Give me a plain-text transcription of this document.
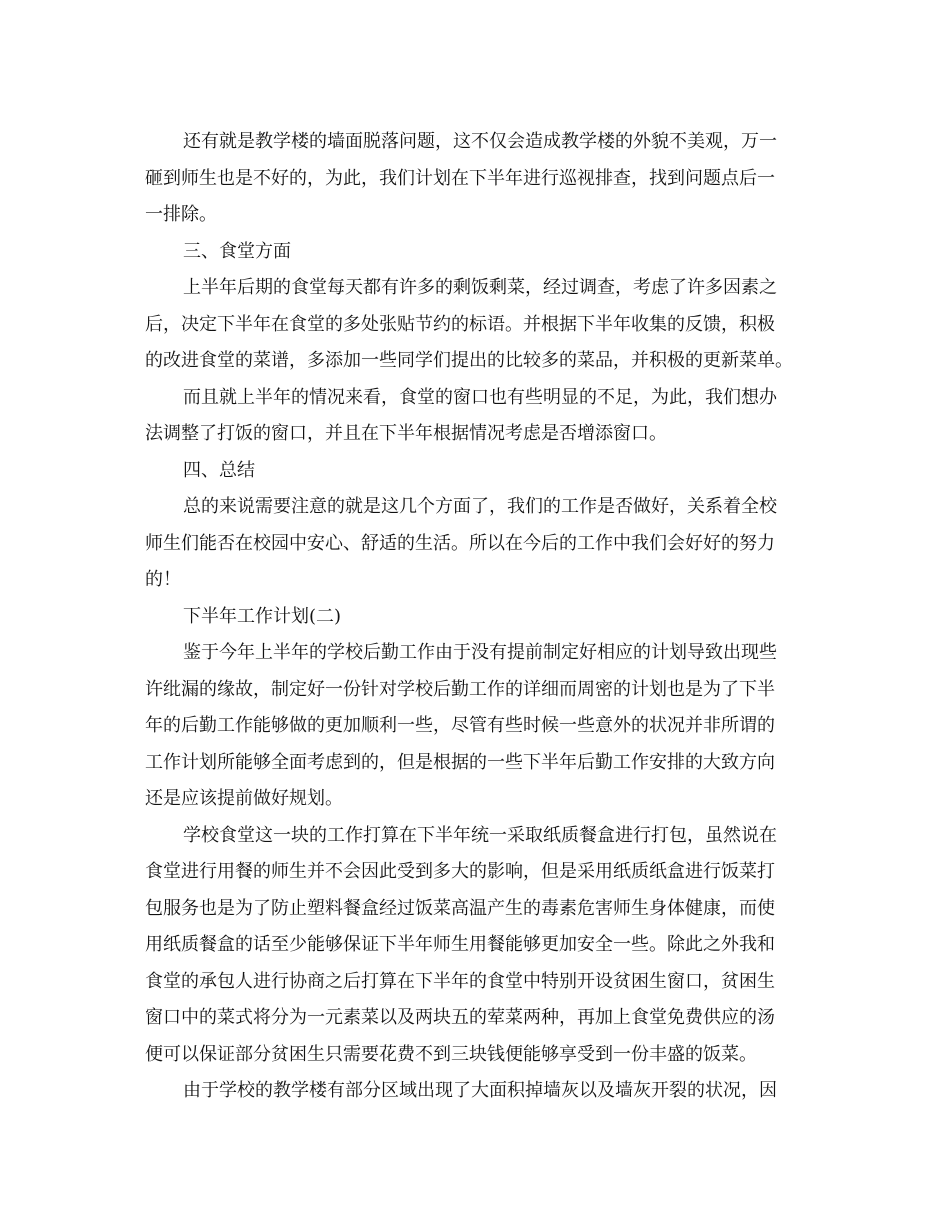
还有就是教学楼的墙面脱落问题，这不仅会造成教学楼的外貌不美观，万一
砸到师生也是不好的，为此，我们计划在下半年进行巡视排查，找到问题点后一
一排除。
三、食堂方面
上半年后期的食堂每天都有许多的剩饭剩菜，经过调查，考虑了许多因素之
后，决定下半年在食堂的多处张贴节约的标语。并根据下半年收集的反馈，积极
的改进食堂的菜谱，多添加一些同学们提出的比较多的菜品，并积极的更新菜单。
而且就上半年的情况来看，食堂的窗口也有些明显的不足，为此，我们想办
法调整了打饭的窗口，并且在下半年根据情况考虑是否增添窗口。
四、总结
总的来说需要注意的就是这几个方面了，我们的工作是否做好，关系着全校
师生们能否在校园中安心、舒适的生活。所以在今后的工作中我们会好好的努力
的！
下半年工作计划(二)
鉴于今年上半年的学校后勤工作由于没有提前制定好相应的计划导致出现些
许纰漏的缘故，制定好一份针对学校后勤工作的详细而周密的计划也是为了下半
年的后勤工作能够做的更加顺利一些，尽管有些时候一些意外的状况并非所谓的
工作计划所能够全面考虑到的，但是根据的一些下半年后勤工作安排的大致方向
还是应该提前做好规划。
学校食堂这一块的工作打算在下半年统一采取纸质餐盒进行打包，虽然说在
食堂进行用餐的师生并不会因此受到多大的影响，但是采用纸质纸盒进行饭菜打
包服务也是为了防止塑料餐盒经过饭菜高温产生的毒素危害师生身体健康，而使
用纸质餐盒的话至少能够保证下半年师生用餐能够更加安全一些。除此之外我和
食堂的承包人进行协商之后打算在下半年的食堂中特别开设贫困生窗口，贫困生
窗口中的菜式将分为一元素菜以及两块五的荤菜两种，再加上食堂免费供应的汤
便可以保证部分贫困生只需要花费不到三块钱便能够享受到一份丰盛的饭菜。
由于学校的教学楼有部分区域出现了大面积掉墙灰以及墙灰开裂的状况，因
